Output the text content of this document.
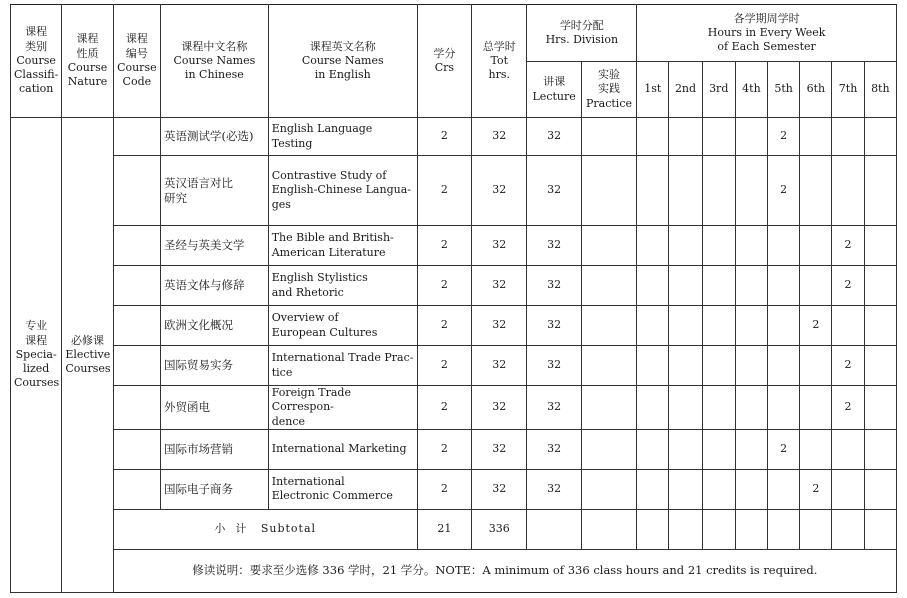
课程
类别
Course
Classifi-
cation	课程
性质
Course
Nature	课程
编号
Course
Code	课程中文名称
Course Names
in Chinese	课程英文名称
Course Names
in English	学分
Crs	总学时
Tot
hrs.	学时分配
Hrs. Division		各学期周学时
Hours in Every Week
of Each Semester							

							讲课
Lecture	实验
实践
Practice	1st	2nd	3rd	4th	5th	6th	7th	8th

专业
课程
Specia-
lized
Courses	必修课
Elective
Courses		英语测试学(必选)	English Language Testing	2	32	32						2			

			英汉语言对比
研究	Contrastive Study of
English-Chinese Langua-
ges	2	32	32						2			

			圣经与英美文学	The Bible and British-
American Literature	2	32	32								2	

			英语文体与修辞	English Stylistics
and Rhetoric	2	32	32								2	

			欧洲文化概况	Overview of
European Cultures	2	32	32							2		

			国际贸易实务	International Trade Prac-
tice	2	32	32								2	

			外贸函电	Foreign Trade Correspon-
dence	2	32	32								2	

			国际市场营销	International Marketing	2	32	32						2			

			国际电子商务	International
Electronic Commerce	2	32	32							2		
		小  计   Subtotal			21	336										
		修读说明：要求至少选修 336 学时，21 学分。NOTE：A minimum of 336 class hours and 21 credits is required.														
